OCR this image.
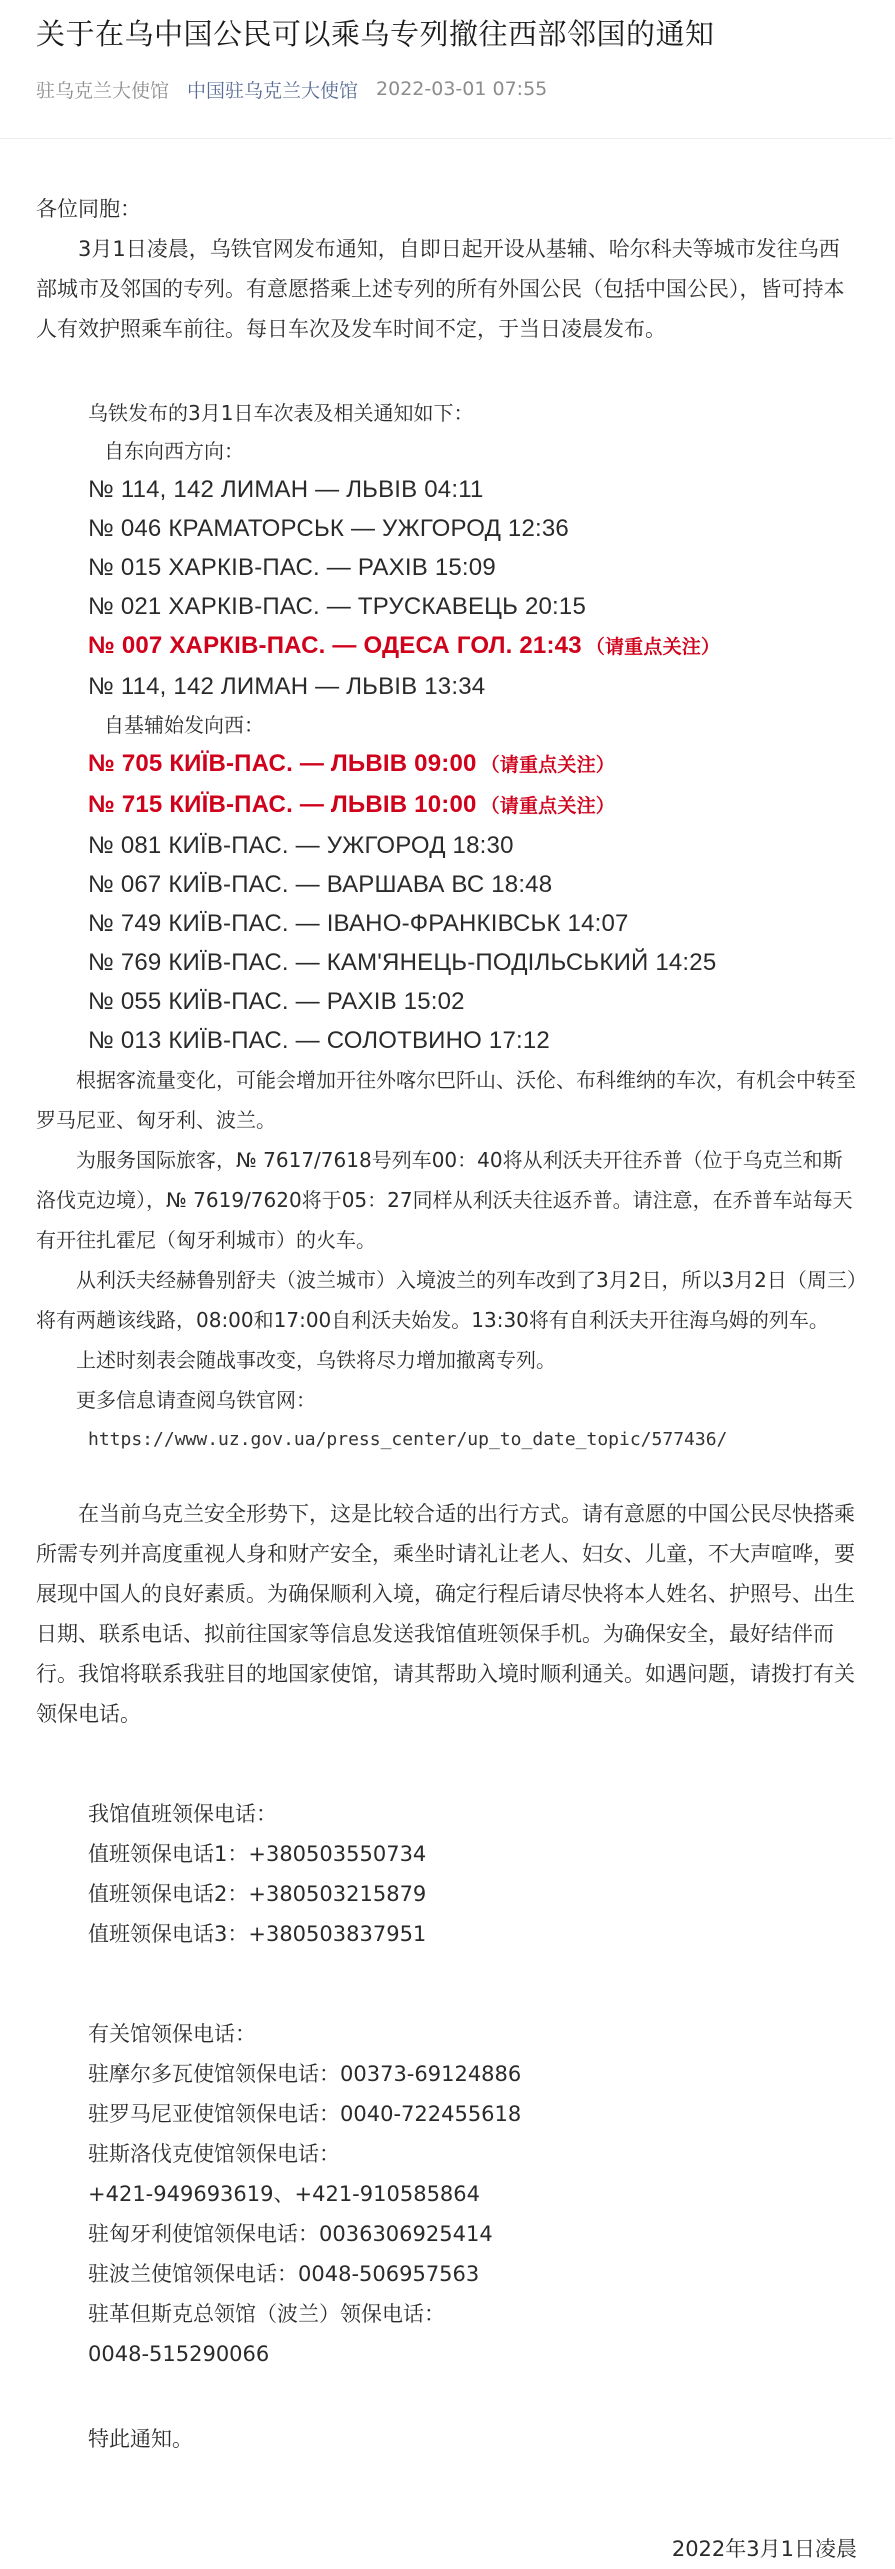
关于在乌中国公民可以乘乌专列撤往西部邻国的通知
驻乌克兰大使馆 中国驻乌克兰大使馆 2022-03-01 07:55
各位同胞：
3月1日凌晨，乌铁官网发布通知，自即日起开设从基辅、哈尔科夫等城市发往乌西部城市及邻国的专列。有意愿搭乘上述专列的所有外国公民（包括中国公民），皆可持本人有效护照乘车前往。每日车次及发车时间不定，于当日凌晨发布。
乌铁发布的3月1日车次表及相关通知如下：
自东向西方向：
№ 114, 142 ЛИМАН — ЛЬВІВ 04:11
№ 046 КРАМАТОРСЬК — УЖГОРОД 12:36
№ 015 ХАРКІВ-ПАС. — РАХІВ 15:09
№ 021 ХАРКІВ-ПАС. — ТРУСКАВЕЦЬ 20:15
№ 007 ХАРКІВ-ПАС. — ОДЕСА ГОЛ. 21:43 （请重点关注）
№ 114, 142 ЛИМАН — ЛЬВІВ 13:34
自基辅始发向西：
№ 705 КИЇВ-ПАС. — ЛЬВІВ 09:00 （请重点关注）
№ 715 КИЇВ-ПАС. — ЛЬВІВ 10:00 （请重点关注）
№ 081 КИЇВ-ПАС. — УЖГОРОД 18:30
№ 067 КИЇВ-ПАС. — ВАРШАВА ВС 18:48
№ 749 КИЇВ-ПАС. — ІВАНО-ФРАНКІВСЬК 14:07
№ 769 КИЇВ-ПАС. — КАМ'ЯНЕЦЬ-ПОДІЛЬСЬКИЙ 14:25
№ 055 КИЇВ-ПАС. — РАХІВ 15:02
№ 013 КИЇВ-ПАС. — СОЛОТВИНО 17:12
根据客流量变化，可能会增加开往外喀尔巴阡山、沃伦、布科维纳的车次，有机会中转至罗马尼亚、匈牙利、波兰。
为服务国际旅客，№ 7617/7618号列车00：40将从利沃夫开往乔普（位于乌克兰和斯洛伐克边境），№ 7619/7620将于05：27同样从利沃夫往返乔普。请注意，在乔普车站每天有开往扎霍尼（匈牙利城市）的火车。
从利沃夫经赫鲁别舒夫（波兰城市）入境波兰的列车改到了3月2日，所以3月2日（周三）将有两趟该线路，08:00和17:00自利沃夫始发。13:30将有自利沃夫开往海乌姆的列车。
上述时刻表会随战事改变，乌铁将尽力增加撤离专列。
更多信息请查阅乌铁官网：
https://www.uz.gov.ua/press_center/up_to_date_topic/577436/
在当前乌克兰安全形势下，这是比较合适的出行方式。请有意愿的中国公民尽快搭乘所需专列并高度重视人身和财产安全，乘坐时请礼让老人、妇女、儿童，不大声喧哗，要展现中国人的良好素质。为确保顺利入境，确定行程后请尽快将本人姓名、护照号、出生日期、联系电话、拟前往国家等信息发送我馆值班领保手机。为确保安全，最好结伴而行。我馆将联系我驻目的地国家使馆，请其帮助入境时顺利通关。如遇问题，请拨打有关领保电话。
我馆值班领保电话：
值班领保电话1：+380503550734
值班领保电话2：+380503215879
值班领保电话3：+380503837951
有关馆领保电话：
驻摩尔多瓦使馆领保电话：00373-69124886
驻罗马尼亚使馆领保电话：0040-722455618
驻斯洛伐克使馆领保电话：
+421-949693619、+421-910585864
驻匈牙利使馆领保电话：0036306925414
驻波兰使馆领保电话：0048-506957563
驻革但斯克总领馆（波兰）领保电话：
0048-515290066
特此通知。
2022年3月1日凌晨
